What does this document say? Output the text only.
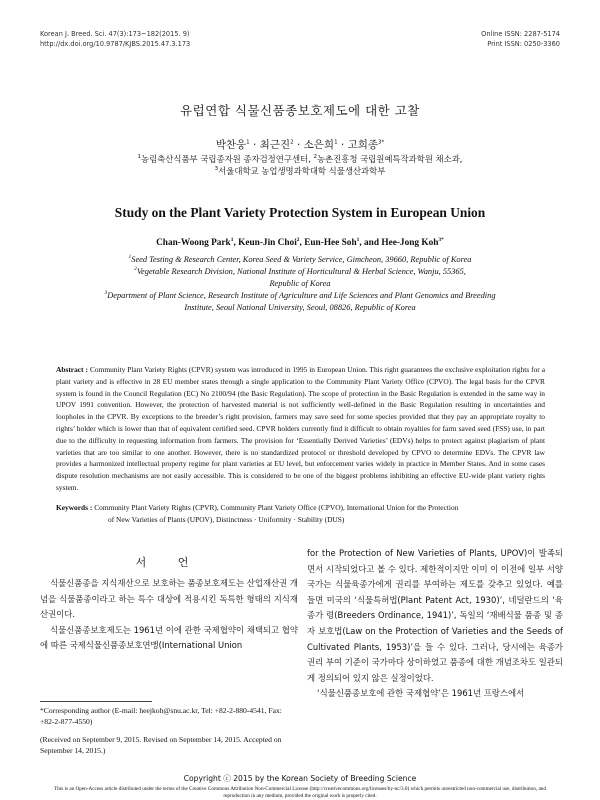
Korean J. Breed. Sci. 47(3):173~182(2015. 9)
http://dx.doi.org/10.9787/KJBS.2015.47.3.173
Online ISSN: 2287-5174
Print ISSN: 0250-3360
유럽연합 식물신품종보호제도에 대한 고찰
박찬웅$^1$ · 최근진$^2$ · 소은희$^1$ · 고희종$^{3*}$
$^1$농림축산식품부 국립종자원 종자검정연구센터, $^2$농촌진흥청 국립원예특작과학원 채소과,
$^3$서울대학교 농업생명과학대학 식물생산과학부
Study on the Plant Variety Protection System in European Union
Chan-Woong Park$^1$, Keun-Jin Choi$^2$, Eun-Hee Soh$^1$, and Hee-Jong Koh$^{3*}$
$^1$Seed Testing & Research Center, Korea Seed & Variety Service, Gimcheon, 39660, Republic of Korea
$^2$Vegetable Research Division, National Institute of Horticultural & Herbal Science, Wanju, 55365,
Republic of Korea
$^3$Department of Plant Science, Research Institute of Agriculture and Life Sciences and Plant Genomics and Breeding
Institute, Seoul National University, Seoul, 08826, Republic of Korea
Abstract : Community Plant Variety Rights (CPVR) system was introduced in 1995 in European Union. This right guarantees the exclusive exploitation rights for a plant variety and is effective in 28 EU member states through a single application to the Community Plant Variety Office (CPVO). The legal basis for the CPVR system is found in the Council Regulation (EC) No 2100/94 (the Basic Regulation). The scope of protection in the Basic Regulation is extended in the same way in UPOV 1991 convention. However, the protection of harvested material is not sufficiently well-defined in the Basic Regulation resulting in uncertainties and loopholes in the CPVR. By exceptions to the breeder’s right provision, farmers may save seed for some species provided that they pay an appropriate royalty to rights’ holder which is lower than that of equivalent certified seed. CPVR holders currently find it difficult to obtain royalties for farm saved seed (FSS) use, in part due to the difficulty in requesting information from farmers. The provision for ‘Essentially Derived Varieties’ (EDVs) helps to protect against plagiarism of plant varieties that are too similar to one another. However, there is no standardized protocol or threshold developed by CPVO to determine EDVs. The CPVR law provides a harmonized intellectual property regime for plant varieties at EU level, but enforcement varies widely in practice in Member States. And in some cases dispute resolution mechanisms are not easily accessible. This is considered to be one of the biggest problems inhibiting an effective EU-wide plant variety rights system.
Keywords : Community Plant Variety Rights (CPVR), Community Plant Variety Office (CPVO), International Union for the Protection
of New Varieties of Plants (UPOV), Distinctness · Uniformity · Stability (DUS)
서 언

식물신품종을 지식재산으로 보호하는 품종보호제도는 산업재산권 개념을 식물품종이라고 하는 특수 대상에 적용시킨 독특한 형태의 지식재산권이다.

식물신품종보호제도는 1961년 이에 관한 국제협약이 채택되고 협약에 따른 국제식물신품종보호연맹(International Union

*Corresponding author (E-mail: heejkoh@snu.ac.kr, Tel: +82-2-880-4541, Fax: +82-2-877-4550)
(Received on September 9, 2015. Revised on September 14, 2015. Accepted on September 14, 2015.)

for the Protection of New Varieties of Plants, UPOV)이 발족되면서 시작되었다고 볼 수 있다. 제한적이지만 이미 이 이전에 일부 서양 국가는 식물육종가에게 권리를 부여하는 제도를 갖추고 있었다. 예를 들면 미국의 ‘식물특허법(Plant Patent Act, 1930)’, 네덜란드의 ‘육종가 령(Breeders Ordinance, 1941)’, 독일의 ‘재배식물 품종 및 종자 보호법(Law on the Protection of Varieties and the Seeds of Cultivated Plants, 1953)’을 들 수 있다. 그러나, 당시에는 육종가 권리 부여 기준이 국가마다 상이하였고 품종에 대한 개념조차도 일관되게 정의되어 있지 않은 실정이었다.

‘식물신품종보호에 관한 국제협약’은 1961년 프랑스에서

Copyright ⓒ 2015 by the Korean Society of Breeding Science
This is an Open-Access article distributed under the terms of the Creative Commons Attribution Non-Commercial License (http://creativecommons.org/licenses/by-nc/3.0) which permits unrestricted non-commercial use, distribution, and reproduction in any medium, provided the original work is properly cited.
